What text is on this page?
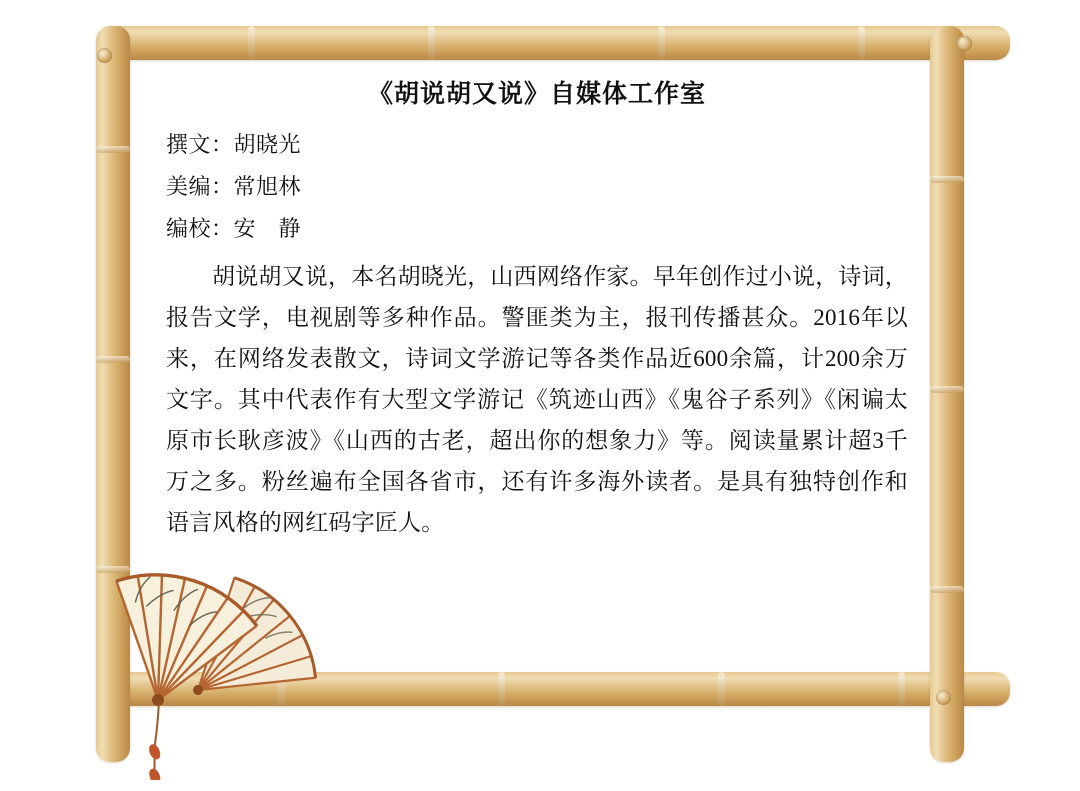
《胡说胡又说》自媒体工作室

撰文：胡晓光

美编：常旭林

编校：安　静

胡说胡又说，本名胡晓光，山西网络作家。早年创作过小说，诗词，报告文学，电视剧等多种作品。警匪类为主，报刊传播甚众。2016年以来，在网络发表散文，诗词文学游记等各类作品近600余篇，计200余万文字。其中代表作有大型文学游记《筑迹山西》《鬼谷子系列》《闲谝太原市长耿彦波》《山西的古老，超出你的想象力》等。阅读量累计超3千万之多。粉丝遍布全国各省市，还有许多海外读者。是具有独特创作和语言风格的网红码字匠人。
